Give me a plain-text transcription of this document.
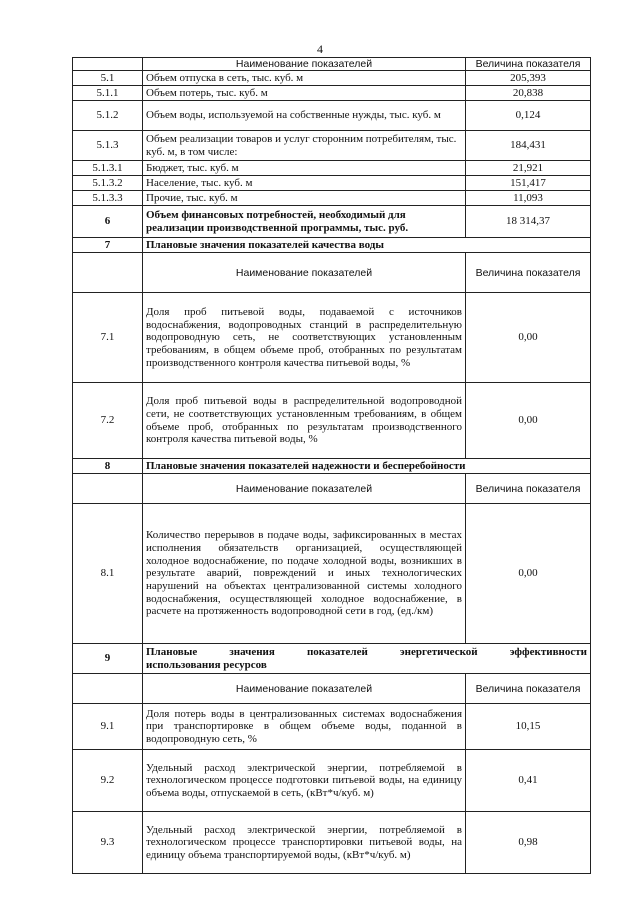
4
	Наименование показателей	Величина показателя
5.1	Объем отпуска в сеть, тыс. куб. м	205,393
5.1.1	Объем потерь, тыс. куб. м	20,838
5.1.2	Объем воды, используемой на собственные нужды, тыс. куб. м	0,124
5.1.3	Объем реализации товаров и услуг сторонним потребителям, тыс. куб. м, в том числе:	184,431
5.1.3.1	Бюджет, тыс. куб. м	21,921
5.1.3.2	Население, тыс. куб. м	151,417
5.1.3.3	Прочие, тыс. куб. м	11,093
6	Объем финансовых потребностей, необходимый для реализации производственной программы, тыс. руб.	18 314,37
7	Плановые значения показателей качества воды	
	Наименование показателей	Величина показателя
7.1	Доля проб питьевой воды, подаваемой с источников водоснабжения, водопроводных станций в распределительную водопроводную сеть, не соответствующих установленным требованиям, в общем объеме проб, отобранных по результатам производственного контроля качества питьевой воды, %	0,00
7.2	Доля проб питьевой воды в распределительной водопроводной сети, не соответствующих установленным требованиям, в общем объеме проб, отобранных по результатам производственного контроля качества питьевой воды, %	0,00
8	Плановые значения показателей надежности и бесперебойности	
	Наименование показателей	Величина показателя
8.1	Количество перерывов в подаче воды, зафиксированных в местах исполнения обязательств организацией, осуществляющей холодное водоснабжение, по подаче холодной воды, возникших в результате аварий, повреждений и иных технологических нарушений на объектах централизованной системы холодного водоснабжения, осуществляющей холодное водоснабжение, в расчете на протяженность водопроводной сети в год, (ед./км)	0,00
9	Плановые значения показателей энергетической эффективности
использования ресурсов	

	Наименование показателей	Величина показателя
9.1	Доля потерь воды в централизованных системах водоснабжения при транспортировке в общем объеме воды, поданной в водопроводную сеть, %	10,15
9.2	Удельный расход электрической энергии, потребляемой в технологическом процессе подготовки питьевой воды, на единицу объема воды, отпускаемой в сеть, (кВт*ч/куб. м)	0,41
9.3	Удельный расход электрической энергии, потребляемой в технологическом процессе транспортировки питьевой воды, на единицу объема транспортируемой воды, (кВт*ч/куб. м)	0,98
